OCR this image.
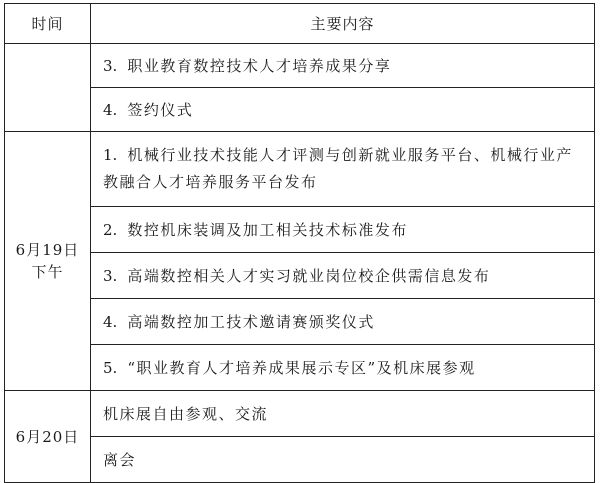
时间	主要内容
	3. 职业教育数控技术人才培养成果分享
	4. 签约仪式

6月19日
下午	1. 机械行业技术技能人才评测与创新就业服务平台、机械行业产教融合人才培养服务平台发布
	2. 数控机床装调及加工相关技术标准发布
	3. 高端数控相关人才实习就业岗位校企供需信息发布
	4. 高端数控加工技术邀请赛颁奖仪式
	5. “职业教育人才培养成果展示专区”及机床展参观

6月20日	机床展自由参观、交流
	离会
